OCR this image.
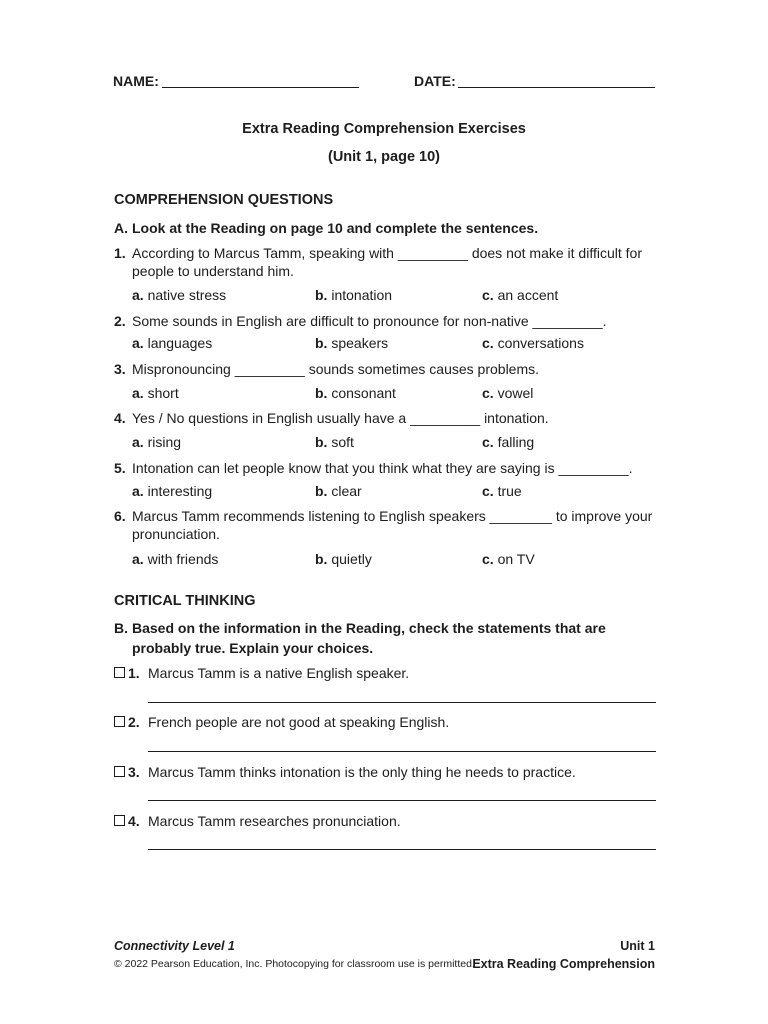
NAME:	DATE:
Extra Reading Comprehension Exercises
(Unit 1, page 10)
COMPREHENSION QUESTIONS
A. Look at the Reading on page 10 and complete the sentences.
1. According to Marcus Tamm, speaking with _________ does not make it difficult for people to understand him.
a. native stress	b. intonation	c. an accent
2. Some sounds in English are difficult to pronounce for non-native _________.
a. languages	b. speakers	c. conversations
3. Mispronouncing _________ sounds sometimes causes problems.
a. short	b. consonant	c. vowel
4. Yes / No questions in English usually have a _________ intonation.
a. rising	b. soft	c. falling
5. Intonation can let people know that you think what they are saying is _________.
a. interesting	b. clear	c. true
6. Marcus Tamm recommends listening to English speakers ________ to improve your pronunciation.
a. with friends	b. quietly	c. on TV
CRITICAL THINKING
B. Based on the information in the Reading, check the statements that are
probably true. Explain your choices.
1. Marcus Tamm is a native English speaker.
2. French people are not good at speaking English.
3. Marcus Tamm thinks intonation is the only thing he needs to practice.
4. Marcus Tamm researches pronunciation.
Connectivity Level 1
© 2022 Pearson Education, Inc. Photocopying for classroom use is permitted.
Unit 1
Extra Reading Comprehension
